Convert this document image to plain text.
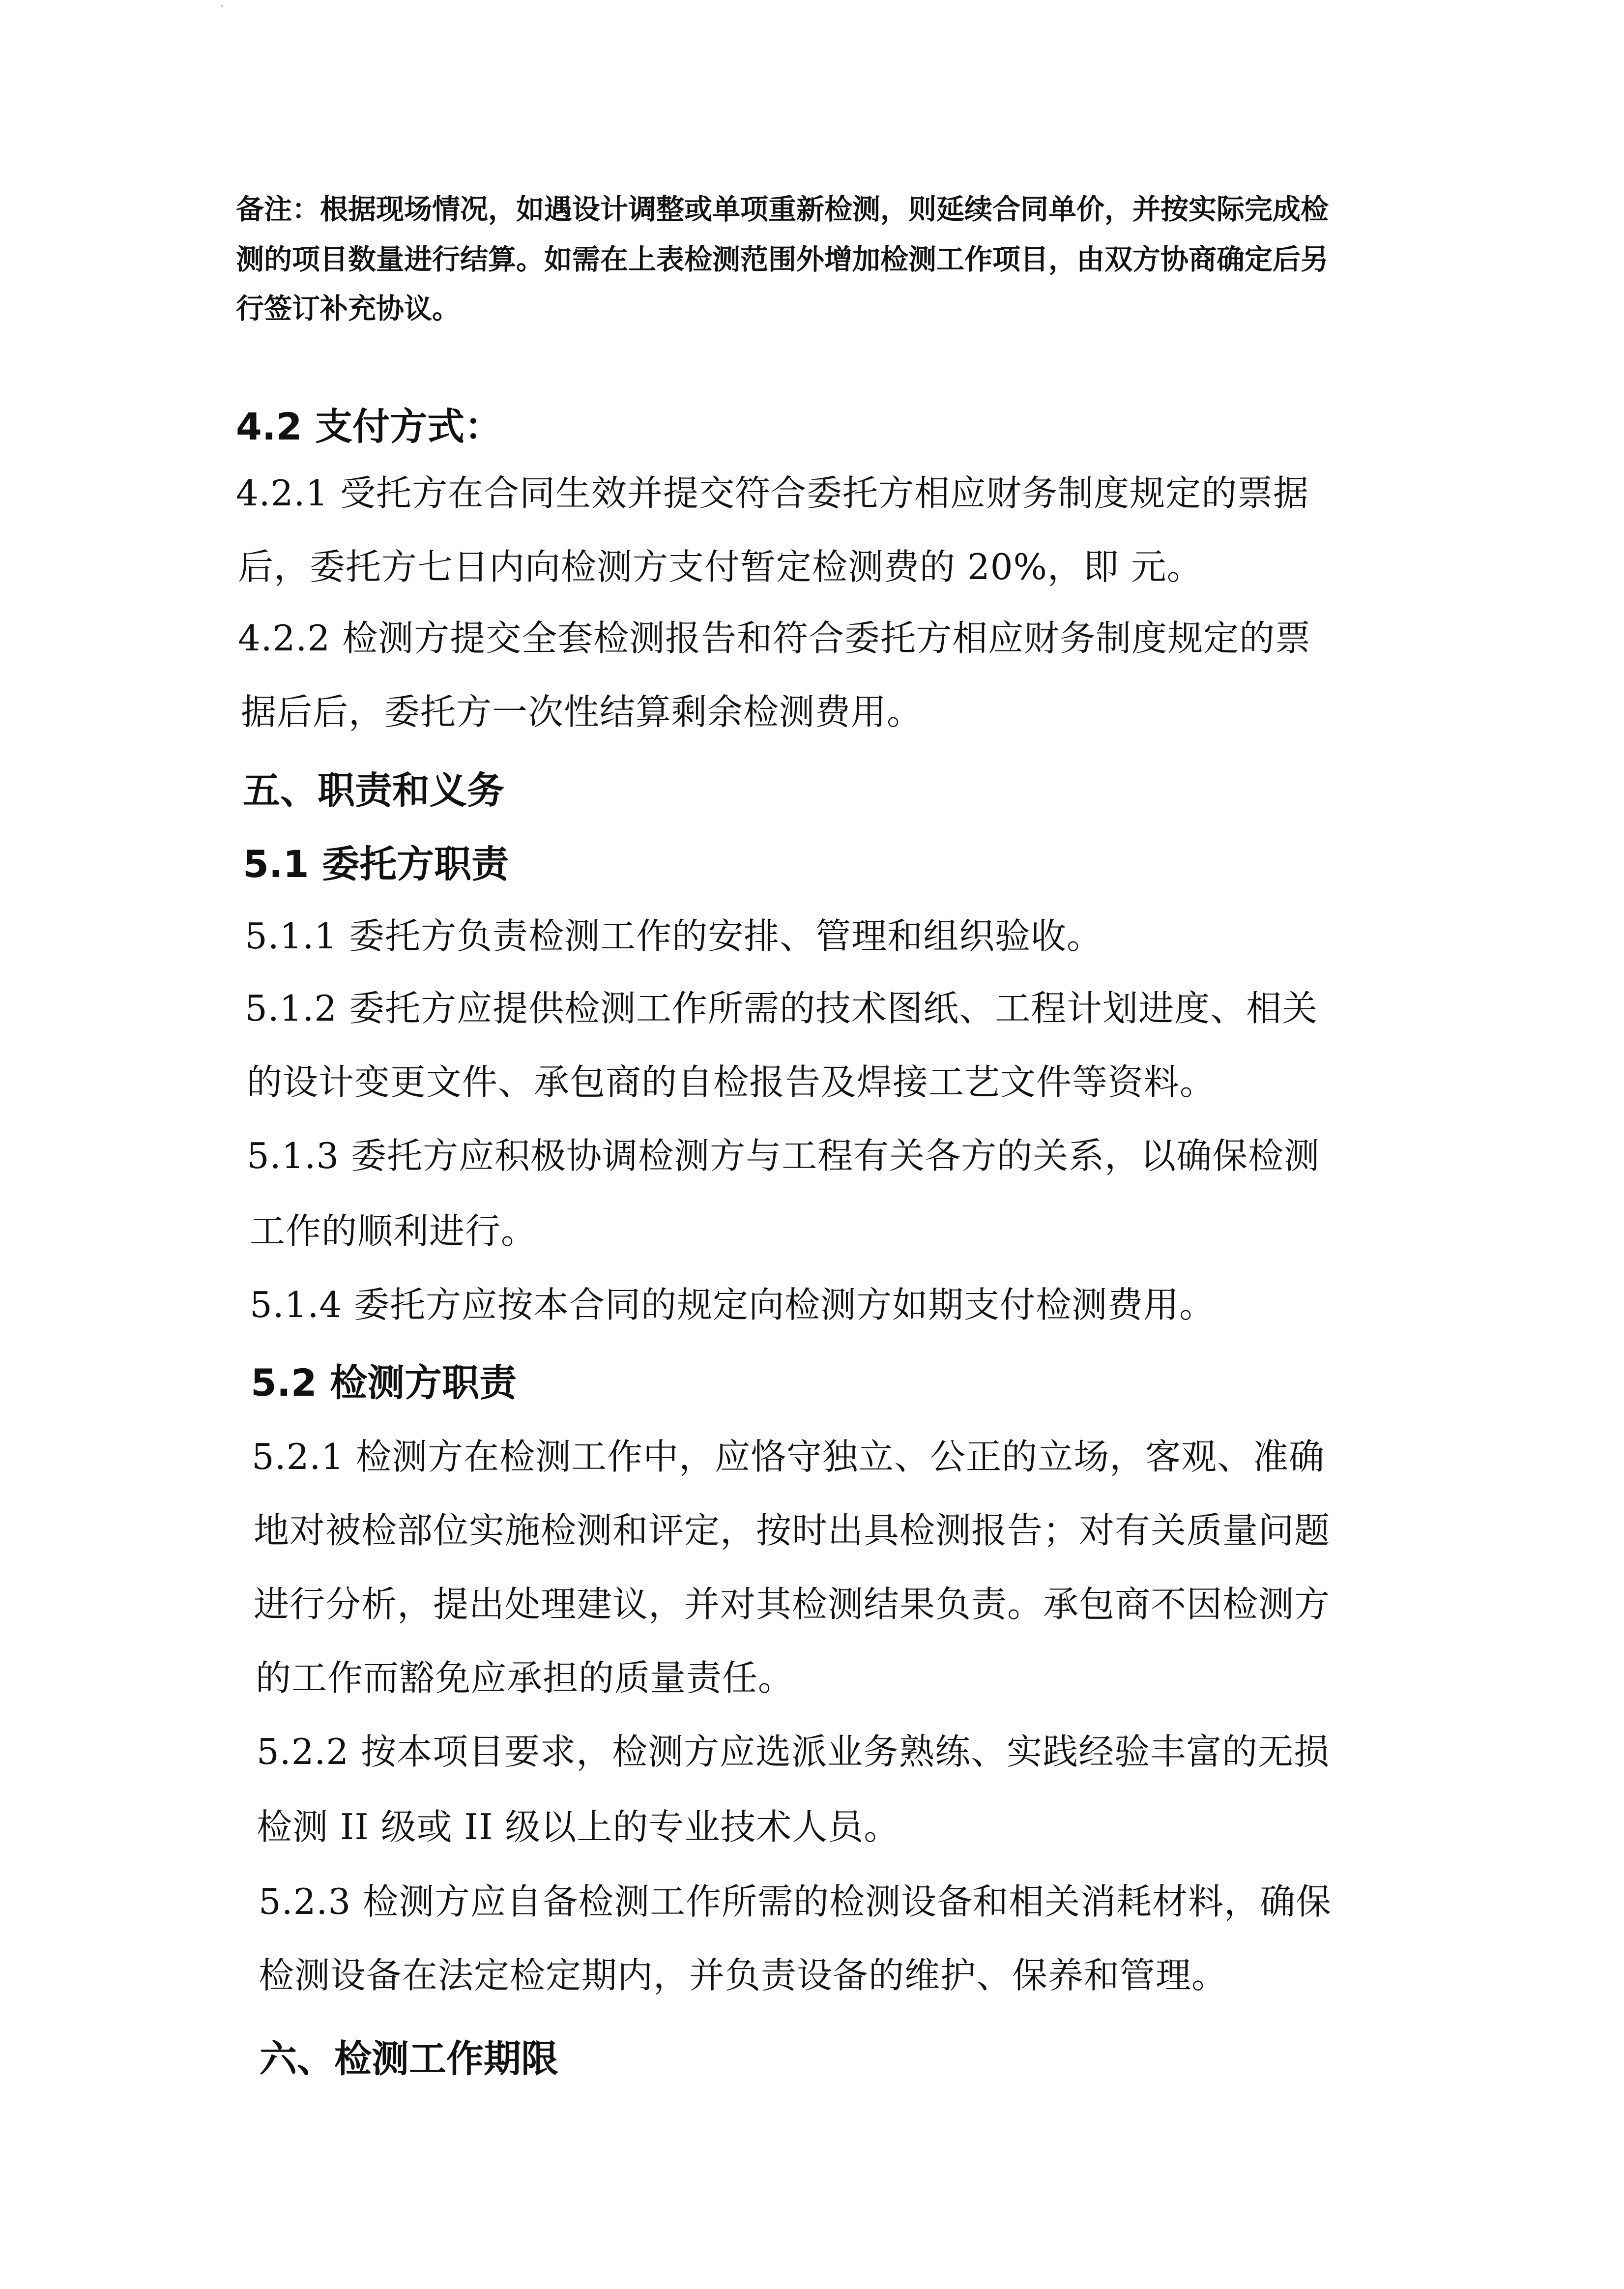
备注：根据现场情况，如遇设计调整或单项重新检测，则延续合同单价，并按实际完成检
测的项目数量进行结算。如需在上表检测范围外增加检测工作项目，由双方协商确定后另
行签订补充协议。
4.2 支付方式：
4.2.1 受托方在合同生效并提交符合委托方相应财务制度规定的票据
后，委托方七日内向检测方支付暂定检测费的 20%，即 元。
4.2.2 检测方提交全套检测报告和符合委托方相应财务制度规定的票
据后后，委托方一次性结算剩余检测费用。
五、职责和义务
5.1 委托方职责
5.1.1 委托方负责检测工作的安排、管理和组织验收。
5.1.2 委托方应提供检测工作所需的技术图纸、工程计划进度、相关
的设计变更文件、承包商的自检报告及焊接工艺文件等资料。
5.1.3 委托方应积极协调检测方与工程有关各方的关系，以确保检测
工作的顺利进行。
5.1.4 委托方应按本合同的规定向检测方如期支付检测费用。
5.2 检测方职责
5.2.1 检测方在检测工作中，应恪守独立、公正的立场，客观、准确
地对被检部位实施检测和评定，按时出具检测报告；对有关质量问题
进行分析，提出处理建议，并对其检测结果负责。承包商不因检测方
的工作而豁免应承担的质量责任。
5.2.2 按本项目要求，检测方应选派业务熟练、实践经验丰富的无损
检测 II 级或 II 级以上的专业技术人员。
5.2.3 检测方应自备检测工作所需的检测设备和相关消耗材料，确保
检测设备在法定检定期内，并负责设备的维护、保养和管理。
六、检测工作期限
